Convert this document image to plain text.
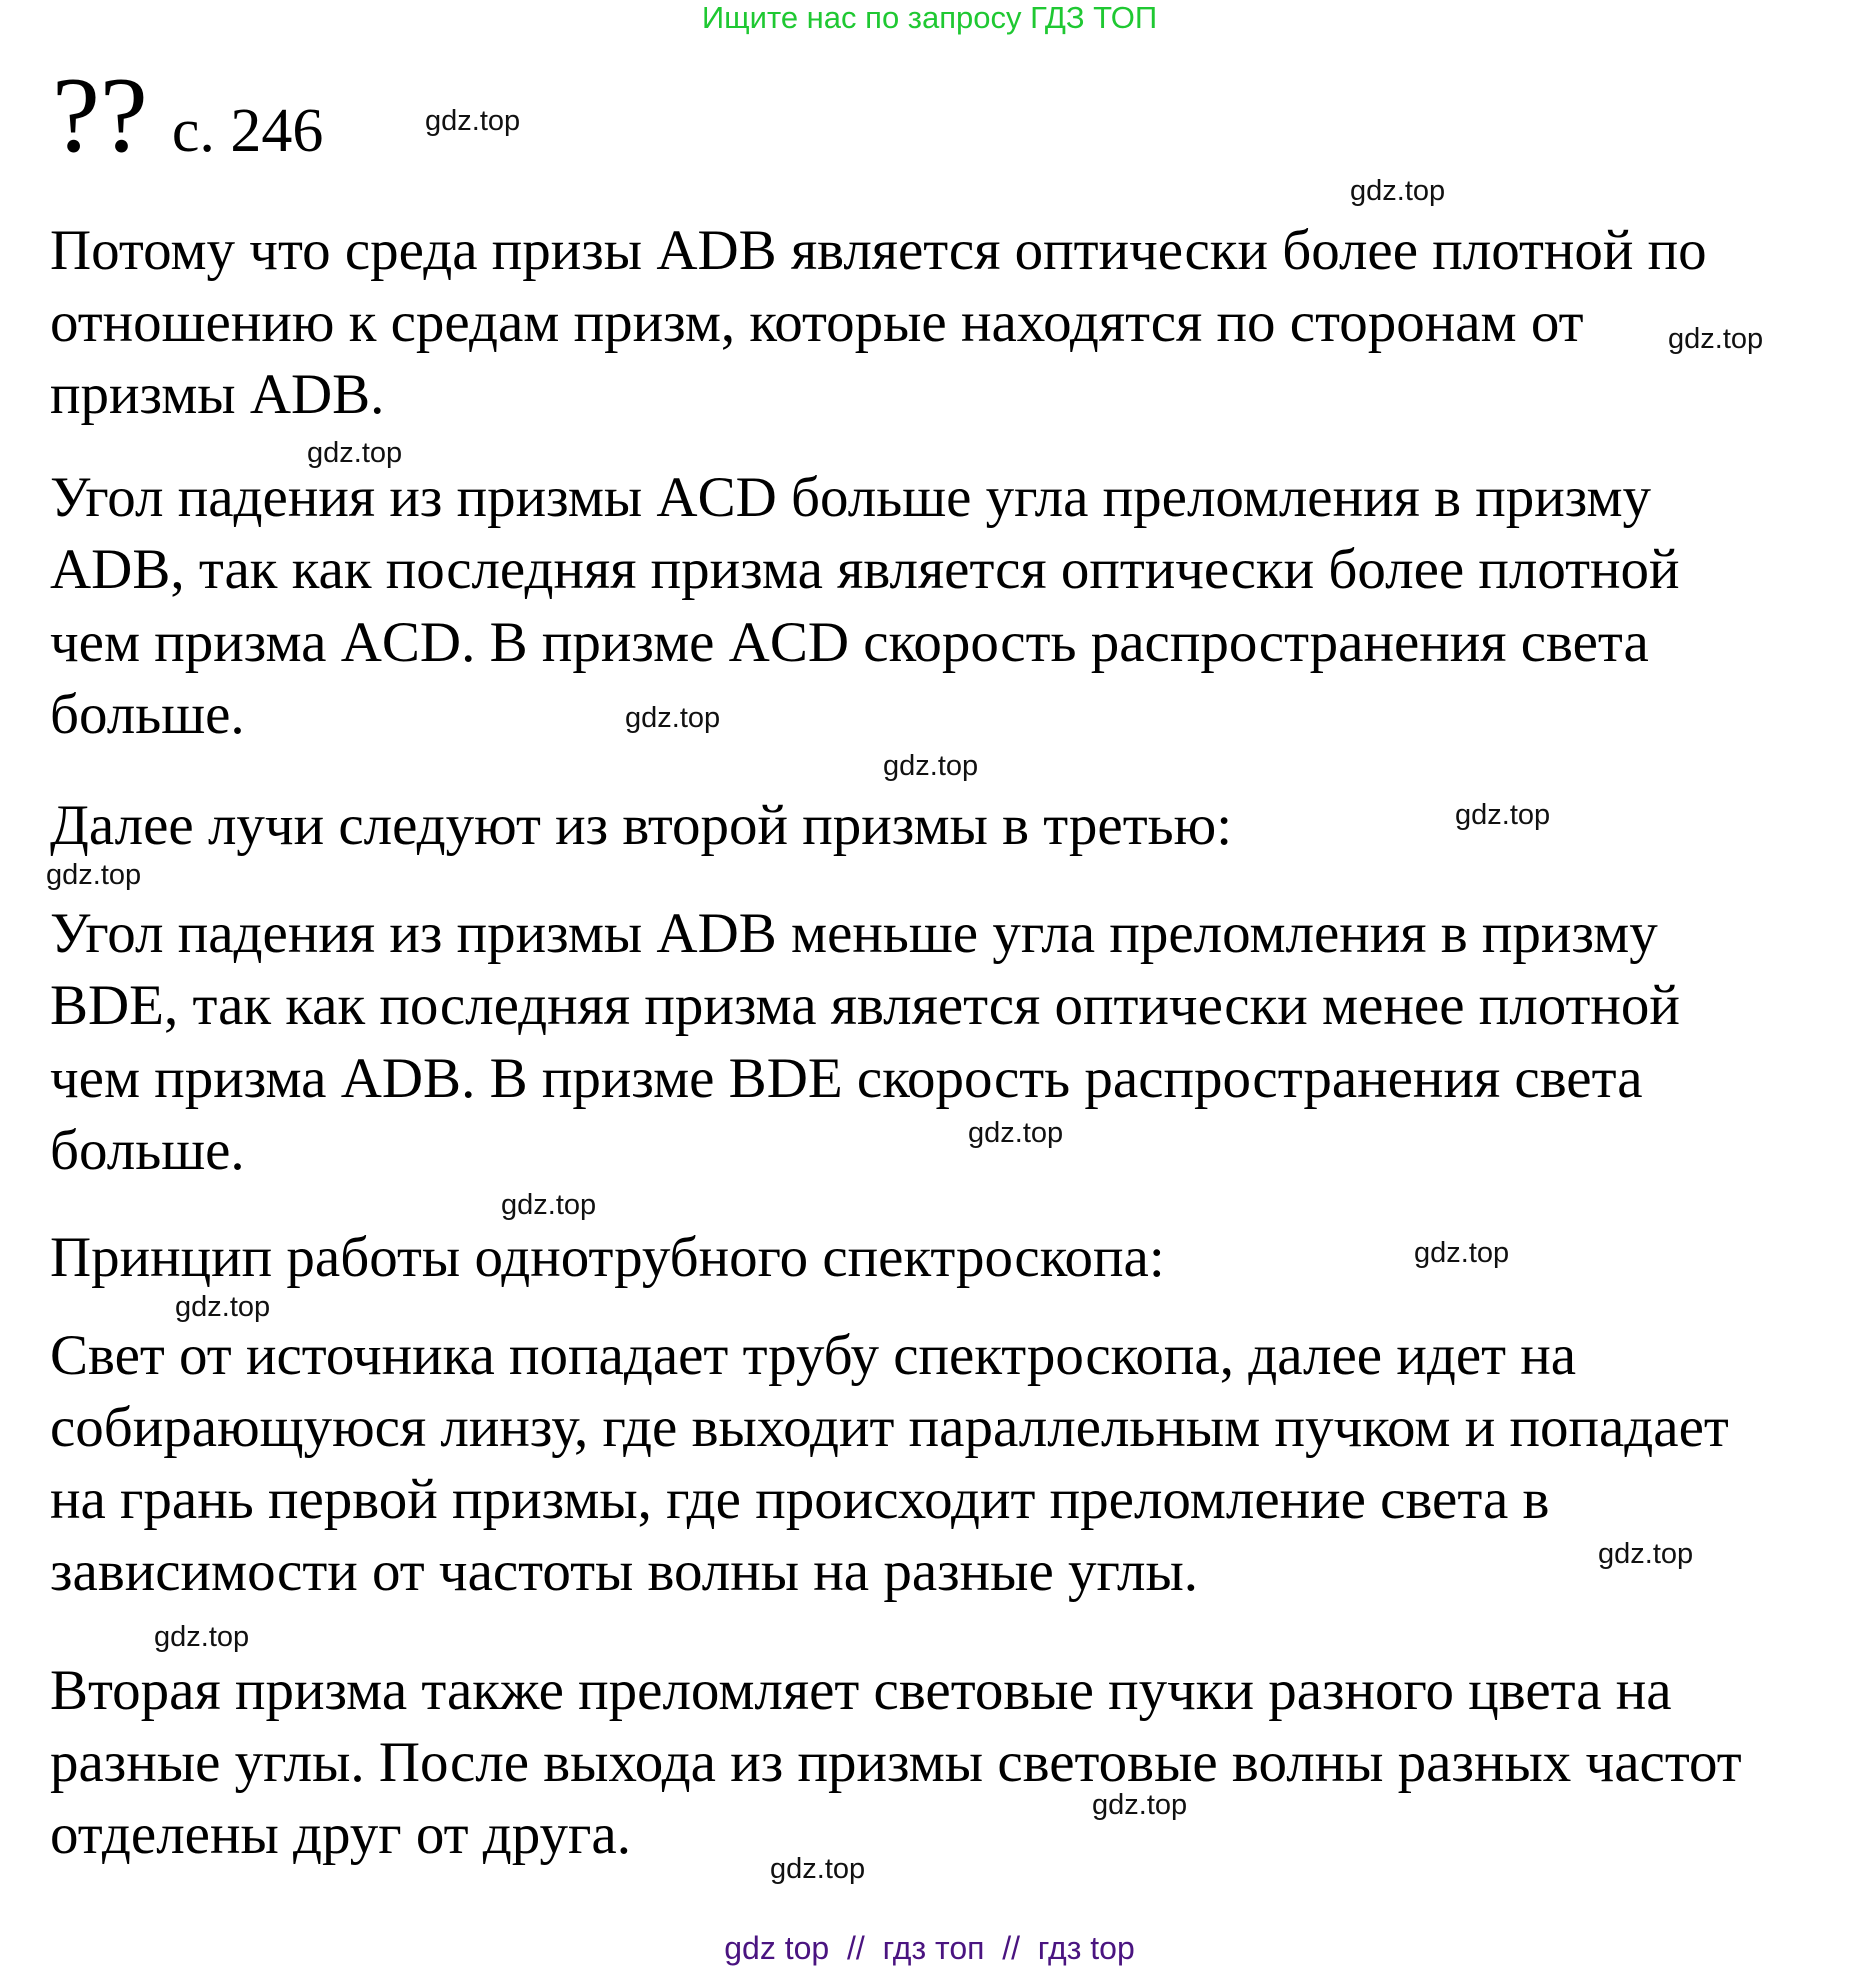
Ищите нас по запросу ГДЗ ТОП
?? с. 246
Потому что среда призы ADB является оптически более плотной по
отношению к средам призм, которые находятся по сторонам от
призмы ADB.
Угол падения из призмы ACD больше угла преломления в призму
ADB, так как последняя призма является оптически более плотной
чем призма ACD. В призме ACD скорость распространения света
больше.
Далее лучи следуют из второй призмы в третью:
Угол падения из призмы ADB меньше угла преломления в призму
BDE, так как последняя призма является оптически менее плотной
чем призма ADB. В призме BDE скорость распространения света
больше.
Принцип работы однотрубного спектроскопа:
Свет от источника попадает трубу спектроскопа, далее идет на
собирающуюся линзу, где выходит параллельным пучком и попадает
на грань первой призмы, где происходит преломление света в
зависимости от частоты волны на разные углы.
Вторая призма также преломляет световые пучки разного цвета на
разные углы. После выхода из призмы световые волны разных частот
отделены друг от друга.
gdz.top
gdz.top
gdz.top
gdz.top
gdz.top
gdz.top
gdz.top
gdz.top
gdz.top
gdz.top
gdz.top
gdz.top
gdz.top
gdz.top
gdz.top
gdz.top
gdz top  //  гдз топ  //  гдз top
